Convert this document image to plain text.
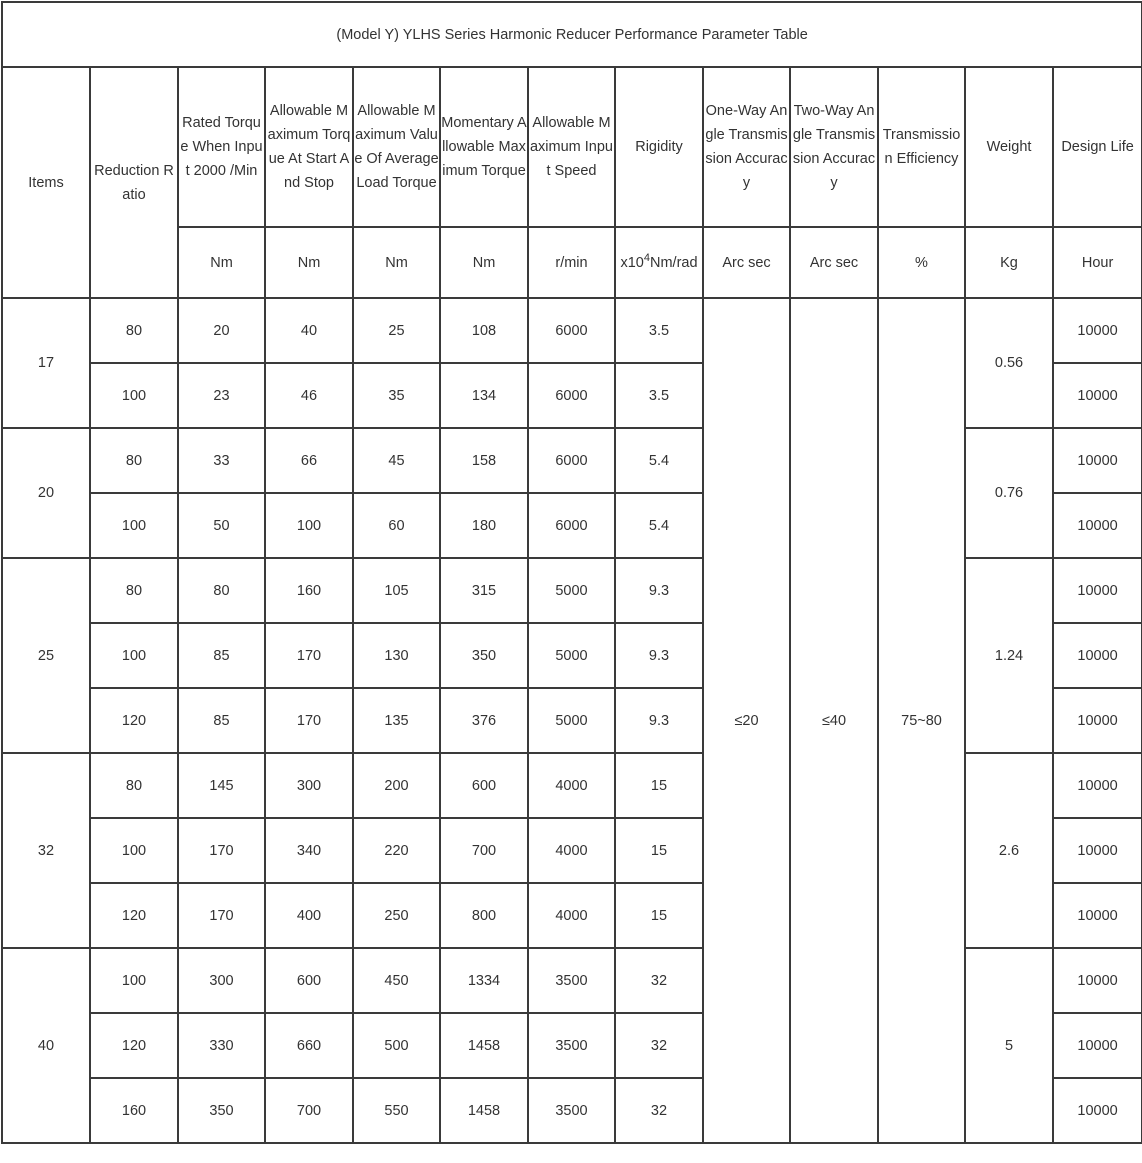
(Model Y) YLHS Series Harmonic Reducer Performance Parameter Table												
Items	Reduction Ratio	Rated Torque When Input 2000 /Min	Allowable Maximum Torque At Start And Stop	Allowable Maximum Value Of Average Load Torque	Momentary Allowable Maximum Torque	Allowable Maximum Input Speed	Rigidity	One-Way Angle Transmission Accuracy	Two-Way Angle Transmission Accuracy	Transmission Efficiency	Weight	Design Life
		Nm	Nm	Nm	Nm	r/min	$x10^4Nm$/rad	Arc sec	Arc sec	%	Kg	Hour
17	80	20	40	25	108	6000	3.5	≤20	≤40	75~80	0.56	10000
	100	23	46	35	134	6000	3.5					10000
20	80	33	66	45	158	6000	5.4				0.76	10000
	100	50	100	60	180	6000	5.4					10000
25	80	80	160	105	315	5000	9.3				1.24	10000
	100	85	170	130	350	5000	9.3					10000
	120	85	170	135	376	5000	9.3					10000
32	80	145	300	200	600	4000	15				2.6	10000
	100	170	340	220	700	4000	15					10000
	120	170	400	250	800	4000	15					10000
40	100	300	600	450	1334	3500	32				5	10000
	120	330	660	500	1458	3500	32					10000
	160	350	700	550	1458	3500	32					10000
